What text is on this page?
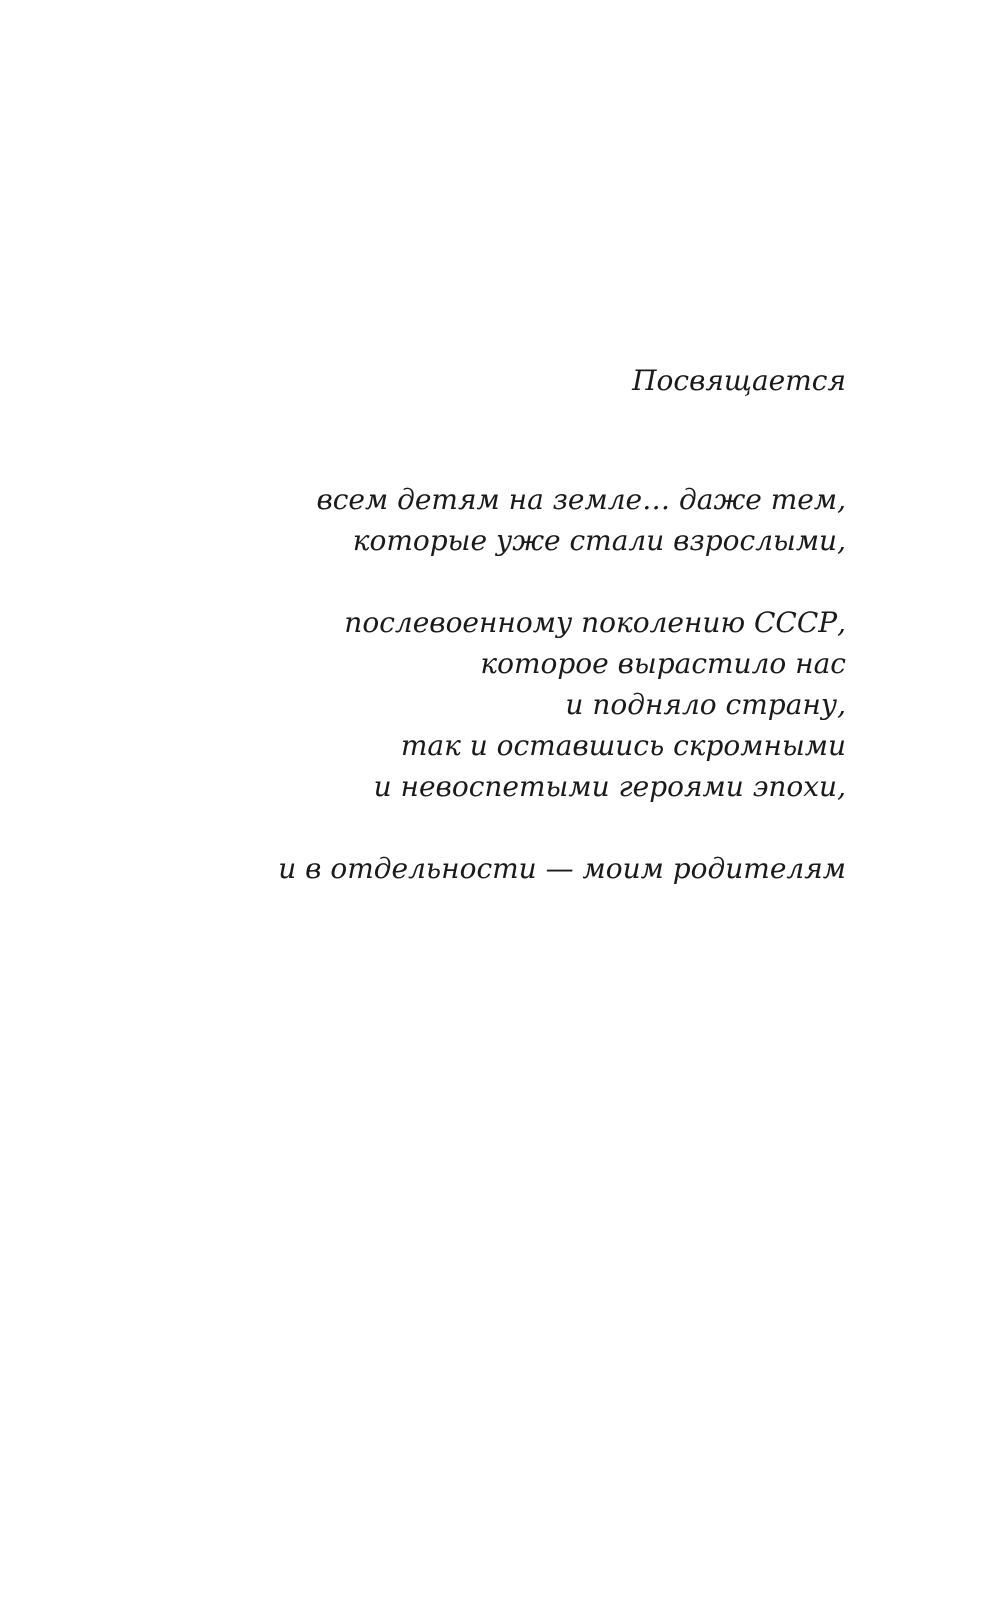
Посвящается
всем детям на земле… даже тем,
которые уже стали взрослыми,
послевоенному поколению СССР,
которое вырастило нас
и подняло страну,
так и оставшись скромными
и невоспетыми героями эпохи,
и в отдельности — моим родителям
